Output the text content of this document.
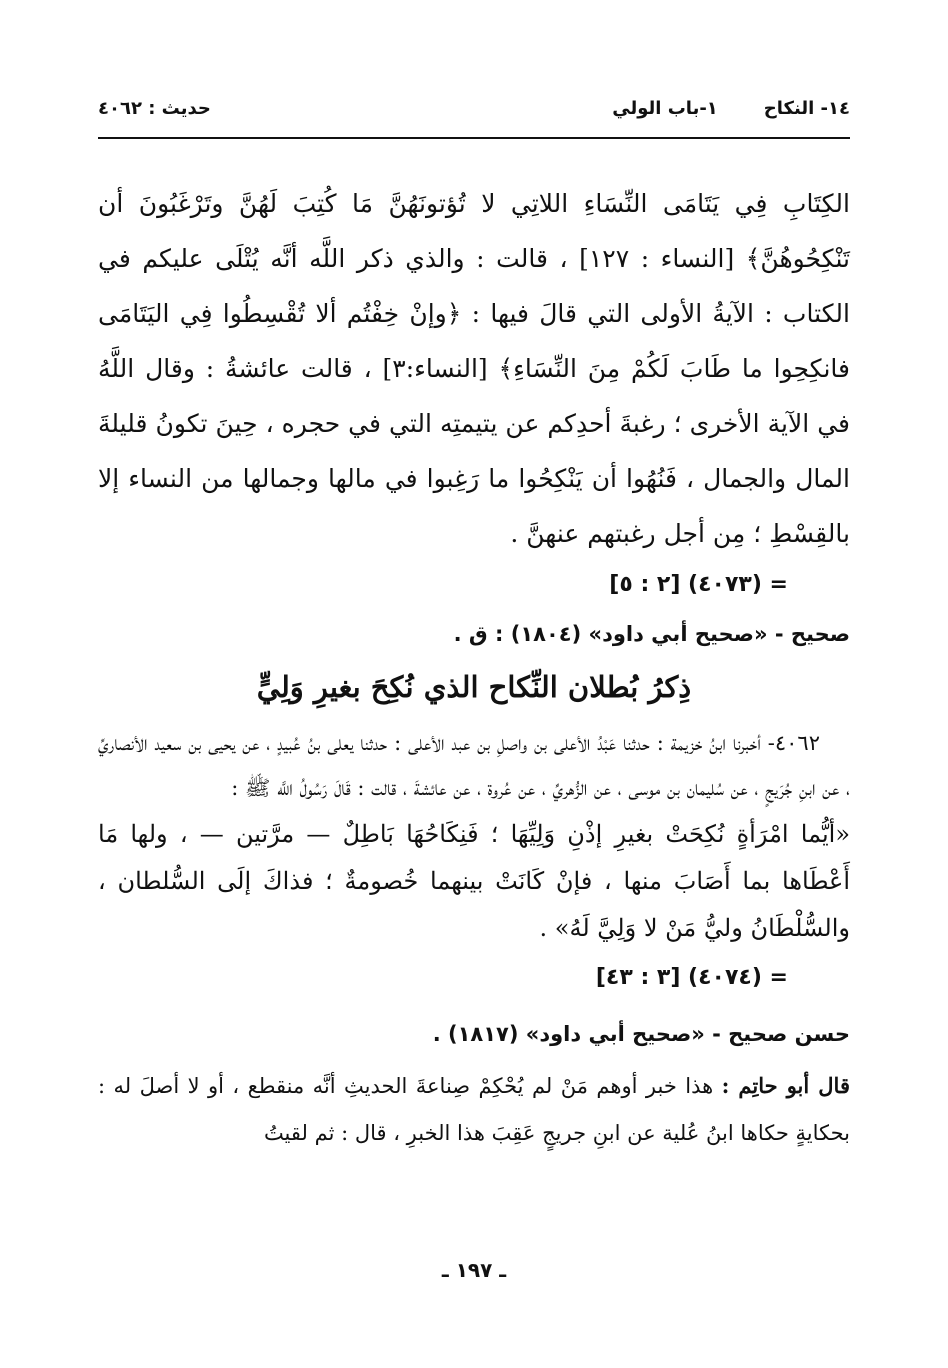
١٤- النكاح١-باب الولي
حديث : ٤٠٦٢

الكِتَابِ فِي يَتَامَى النِّسَاءِ اللاتِي لا تُؤتونَهُنَّ مَا كُتِبَ لَهُنَّ وتَرْغَبُونَ أن تَنْكِحُوهُنَّ﴾ [النساء : ١٢٧] ، قالت : والذي ذكر اللَّه أنَّه يُتْلَى عليكم في الكتاب : الآيةُ الأولى التي قالَ فيها : ﴿وإنْ خِفْتُم ألا تُقْسِطُوا فِي اليَتَامَى فانكِحِوا ما طَابَ لَكُمْ مِنَ النِّسَاءِ﴾ [النساء:٣] ، قالت عائشةُ : وقال اللَّهُ في الآية الأخرى ؛ رغبةَ أحدِكم عن يتيمتِه التي في حجره ، حِينَ تكونُ قليلةَ المال والجمال ، فَنُهُوا أن يَنْكِحُوا ما رَغِبوا في مالها وجمالها من النساء إلا بالقِسْطِ ؛ مِن أجل رغبتهم عنهنَّ .

= (٤٠٧٣) [٢ : ٥]

صحيح - «صحيح أبي داود» (١٨٠٤) : ق .

ذِكرُ بُطلان النِّكاح الذي نُكِحَ بغيرِ وَلِيٍّ

٤٠٦٢- أخبرنا ابنُ خزيمة : حدثنا عَبْدُ الأعلى بن واصلِ بن عبد الأعلى : حدثنا يعلى بنُ عُبيدٍ ، عن يحيى بن سعيد الأنصاريِّ ، عن ابنِ جُرَيجٍ ، عن سُليمان بن موسى ، عن الزُّهريِّ ، عن عُروة ، عن عائشةَ ، قالت : قَالَ رَسُولُ اللَّه ﷺ :

«أيُّما امْرَأةٍ نُكِحَتْ بغيرِ إذْنِ وَلِيِّهَا ؛ فَنِكَاحُهَا بَاطِلٌ — مرَّتين — ، ولها مَا أَعْطَاها بما أَصَابَ منها ، فإنْ كَانَتْ بينهما خُصومةٌ ؛ فذاكَ إلَى السُّلطان ، والسُّلْطَانُ وليُّ مَنْ لا وَلِيَّ لَهُ» .

= (٤٠٧٤) [٣ : ٤٣]

حسن صحيح - «صحيح أبي داود» (١٨١٧) .

قال أبو حاتِم : هذا خبر أوهم مَنْ لم يُحْكِمْ صِناعةَ الحديثِ أنَّه منقطع ، أو لا أصلَ له : بحكايةٍ حكاها ابنُ عُلية عن ابنِ جريجٍ عَقِبَ هذا الخبرِ ، قال : ثم لقيتُ

ـ ١٩٧ ـ
